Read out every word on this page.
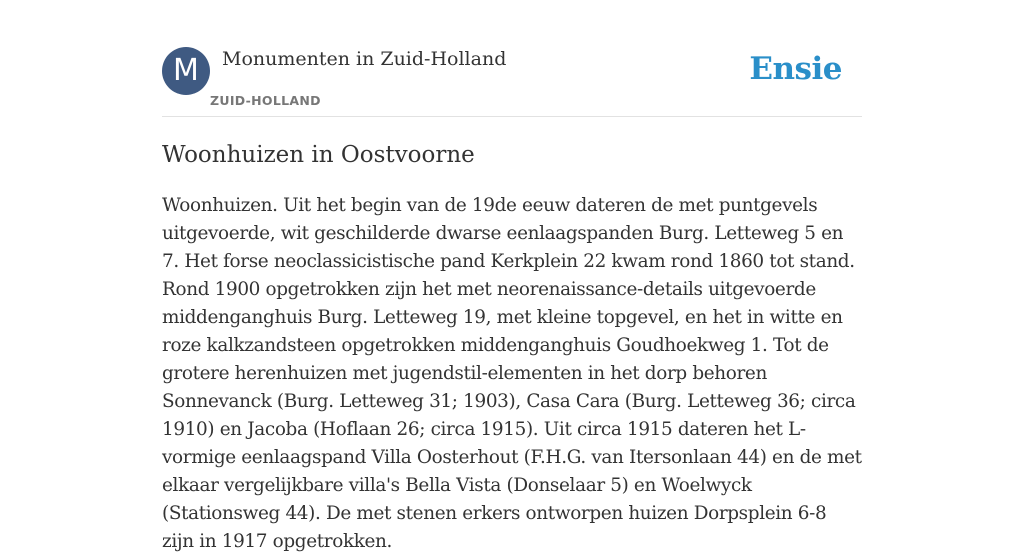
M	Monumenten in Zuid-Holland
ZUID-HOLLAND
Ensie
Woonhuizen in Oostvoorne

Woonhuizen. Uit het begin van de 19de eeuw dateren de met puntgevels uitgevoerde, wit geschilderde dwarse eenlaagspanden Burg. Letteweg 5 en 7. Het forse neoclassicistische pand Kerkplein 22 kwam rond 1860 tot stand. Rond 1900 opgetrokken zijn het met neorenaissance-details uitgevoerde middenganghuis Burg. Letteweg 19, met kleine topgevel, en het in witte en roze kalkzandsteen opgetrokken middenganghuis Goudhoekweg 1. Tot de grotere herenhuizen met jugendstil-elementen in het dorp behoren Sonnevanck (Burg. Letteweg 31; 1903), Casa Cara (Burg. Letteweg 36; circa 1910) en Jacoba (Hoflaan 26; circa 1915). Uit circa 1915 dateren het L-vormige eenlaagspand Villa Oosterhout (F.H.G. van Itersonlaan 44) en de met elkaar vergelijkbare villa's Bella Vista (Donselaar 5) en Woelwyck (Stationsweg 44). De met stenen erkers ontworpen huizen Dorpsplein 6-8 zijn in 1917 opgetrokken.
